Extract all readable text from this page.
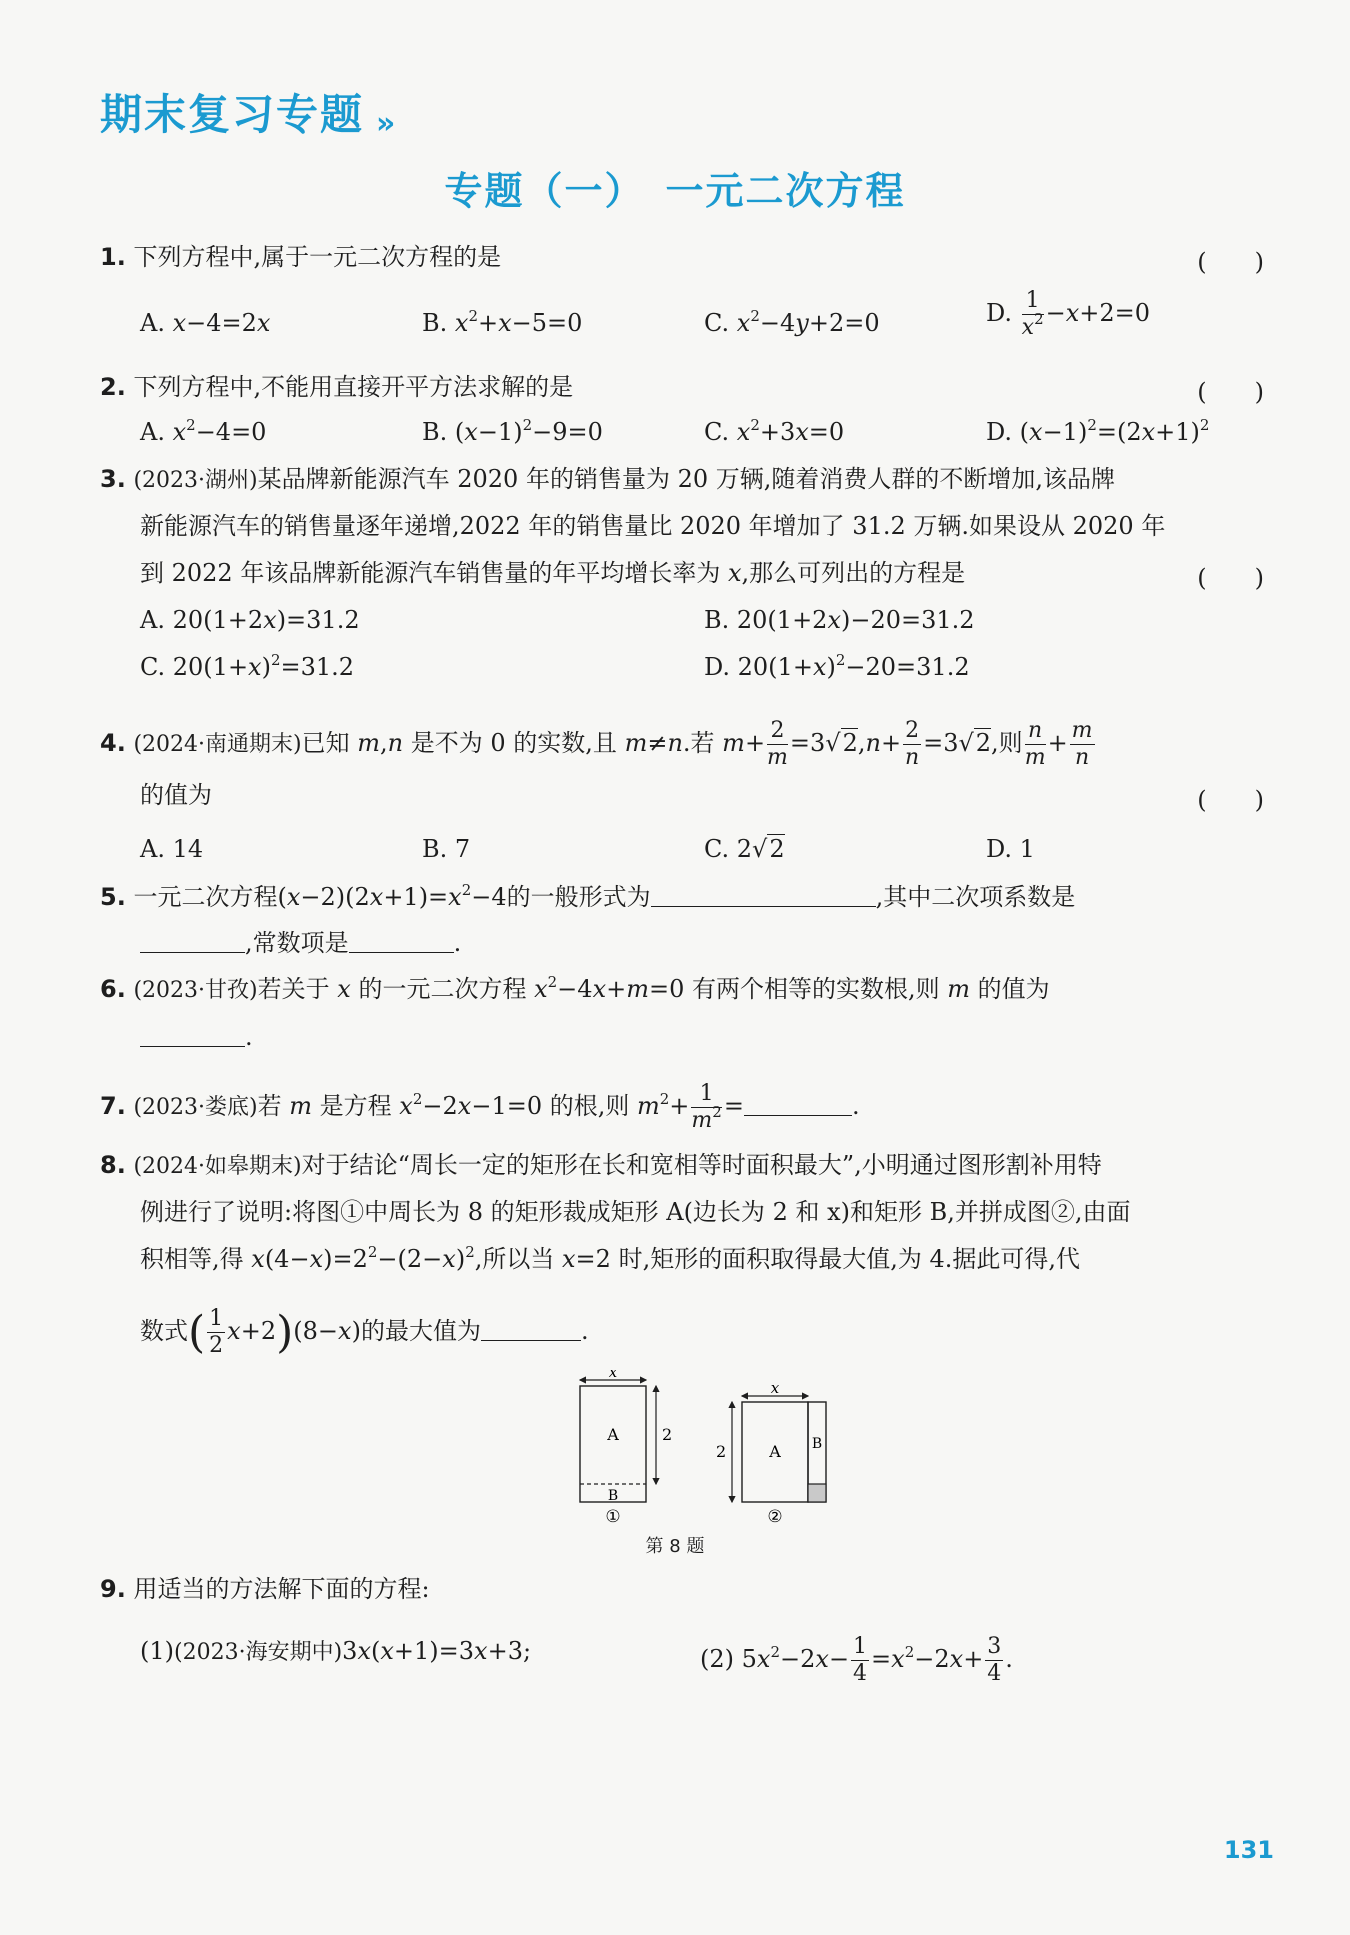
期末复习专题 »
专题（一）　一元二次方程
1. 下列方程中,属于一元二次方程的是	(　　)
A. x−4=2x	B. $x^2+x-5=0$	C. $x^2-4y+2=0$	D. $\frac{1}{x^2} -x+2=0$
2. 下列方程中,不能用直接开平方法求解的是	(　　)
A. $x^2-4=0$	B. $(x-1)^2-9=0$	C. $x^2+3x=0$	D. $(x-1)^2=(2x+1)^2$
3. (2023·湖州)某品牌新能源汽车 2020 年的销售量为 20 万辆,随着消费人群的不断增加,该品牌
新能源汽车的销售量逐年递增,2022 年的销售量比 2020 年增加了 31.2 万辆.如果设从 2020 年
到 2022 年该品牌新能源汽车销售量的年平均增长率为 x,那么可列出的方程是	(　　)
A. 20(1+2x)=31.2	B. 20(1+2x)−20=31.2
C. $20(1+x)^2=31.2$	D. $20(1+x)^2-20=31.2$
4. (2024·南通期末)已知 m,n 是不为 0 的实数,且 m≠n.若 $m+ \frac{2}{m} =3√2,n+ \frac{2}{n} =3√2$,则 $\frac{n}{m} + \frac{m}{n}$
的值为	(　　)
A. 14	B. 7	C. 2√2	D. 1
5. 一元二次方程$(x-2)(2x+1)=x^2-4$的一般形式为	,其中二次项系数是
,常数项是	.
6. (2023·甘孜)若关于 x 的一元二次方程 $x^2-4x+m=0$ 有两个相等的实数根,则 m 的值为
.
7. (2023·娄底)若 m 是方程 $x^2-2x-1=0$ 的根,则 $m^2+ \frac{1}{m^2}$ =	.
8. (2024·如皋期末)对于结论“周长一定的矩形在长和宽相等时面积最大”,小明通过图形割补用特
例进行了说明:将图①中周长为 8 的矩形裁成矩形 A(边长为 2 和 x)和矩形 B,并拼成图②,由面
积相等,得 $x(4-x)=2^2-(2-x)^2$,所以当 x=2 时,矩形的面积取得最大值,为 4.据此可得,代
数式( $\frac{1}{2} x+2)(8-x)$的最大值为	.
x
2
A
B
①
x
2	A B
②
第 8 题
9. 用适当的方法解下面的方程:
(1)(2023·海安期中)3x(x+1)=3x+3;	(2) $5x^2-2x- \frac{1}{4} =x^2-2x+ \frac{3}{4}$ .
131
